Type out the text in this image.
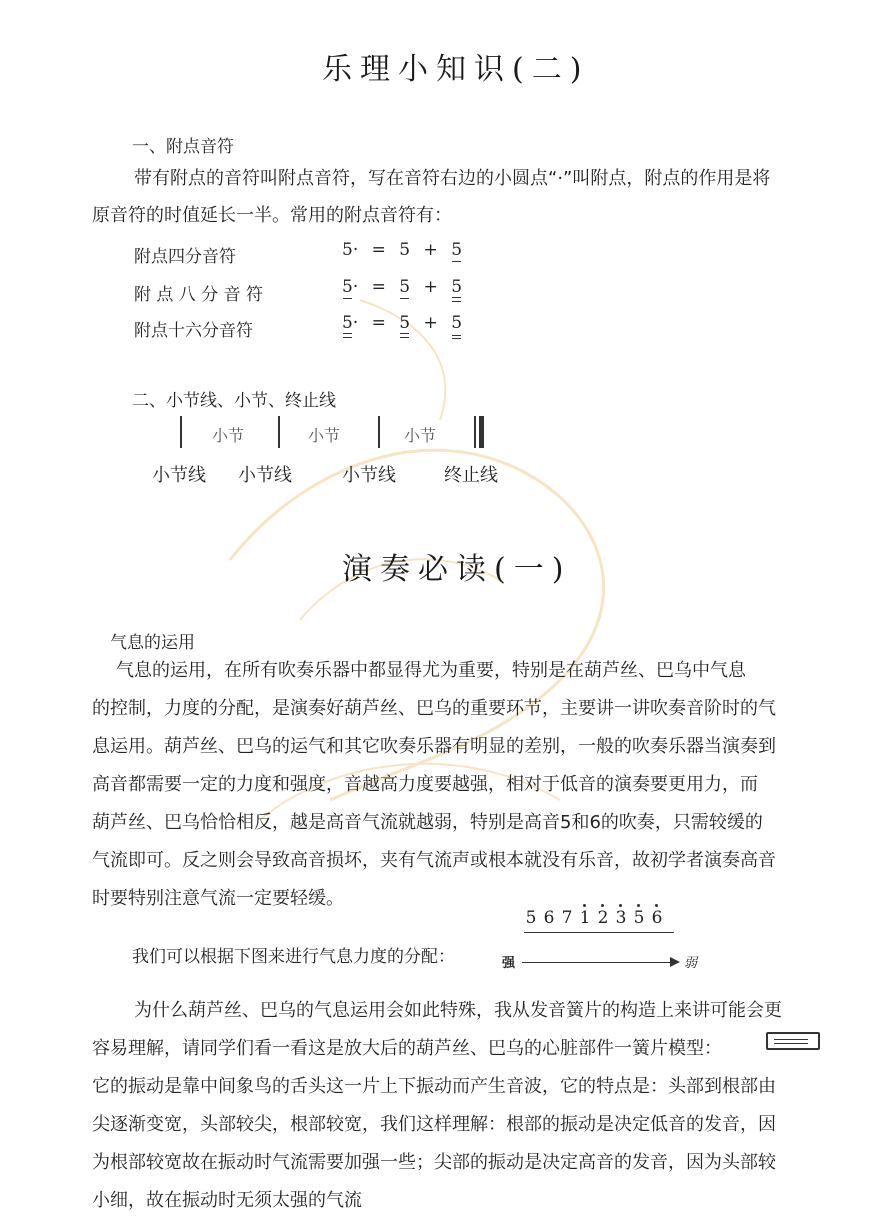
乐理小知识(二)
一、附点音符
带有附点的音符叫附点音符，写在音符右边的小圆点“·”叫附点，附点的作用是将
原音符的时值延长一半。常用的附点音符有：
附点四分音符	5· = 5 + 5
附 点 八 分 音 符	5· = 5 + 5
附点十六分音符	5· = 5 + 5
二、小节线、小节、终止线
小节	小节	小节
小节线 小节线	小节线	终止线
演奏必读(一)
气息的运用
气息的运用，在所有吹奏乐器中都显得尤为重要，特别是在葫芦丝、巴乌中气息
的控制，力度的分配，是演奏好葫芦丝、巴乌的重要环节，主要讲一讲吹奏音阶时的气
息运用。葫芦丝、巴乌的运气和其它吹奏乐器有明显的差别，一般的吹奏乐器当演奏到
高音都需要一定的力度和强度，音越高力度要越强，相对于低音的演奏要更用力，而
葫芦丝、巴乌恰恰相反，越是高音气流就越弱，特别是高音5和6的吹奏，只需较缓的
气流即可。反之则会导致高音损坏，夹有气流声或根本就没有乐音，故初学者演奏高音
时要特别注意气流一定要轻缓。
我们可以根据下图来进行气息力度的分配：
5 6 7 1 2 3 5 6
强	弱
为什么葫芦丝、巴乌的气息运用会如此特殊，我从发音簧片的构造上来讲可能会更
容易理解，请同学们看一看这是放大后的葫芦丝、巴乌的心脏部件一簧片模型：
它的振动是靠中间象鸟的舌头这一片上下振动而产生音波，它的特点是：头部到根部由
尖逐渐变宽，头部较尖，根部较宽，我们这样理解：根部的振动是决定低音的发音，因
为根部较宽故在振动时气流需要加强一些；尖部的振动是决定高音的发音，因为头部较
小细，故在振动时无须太强的气流
